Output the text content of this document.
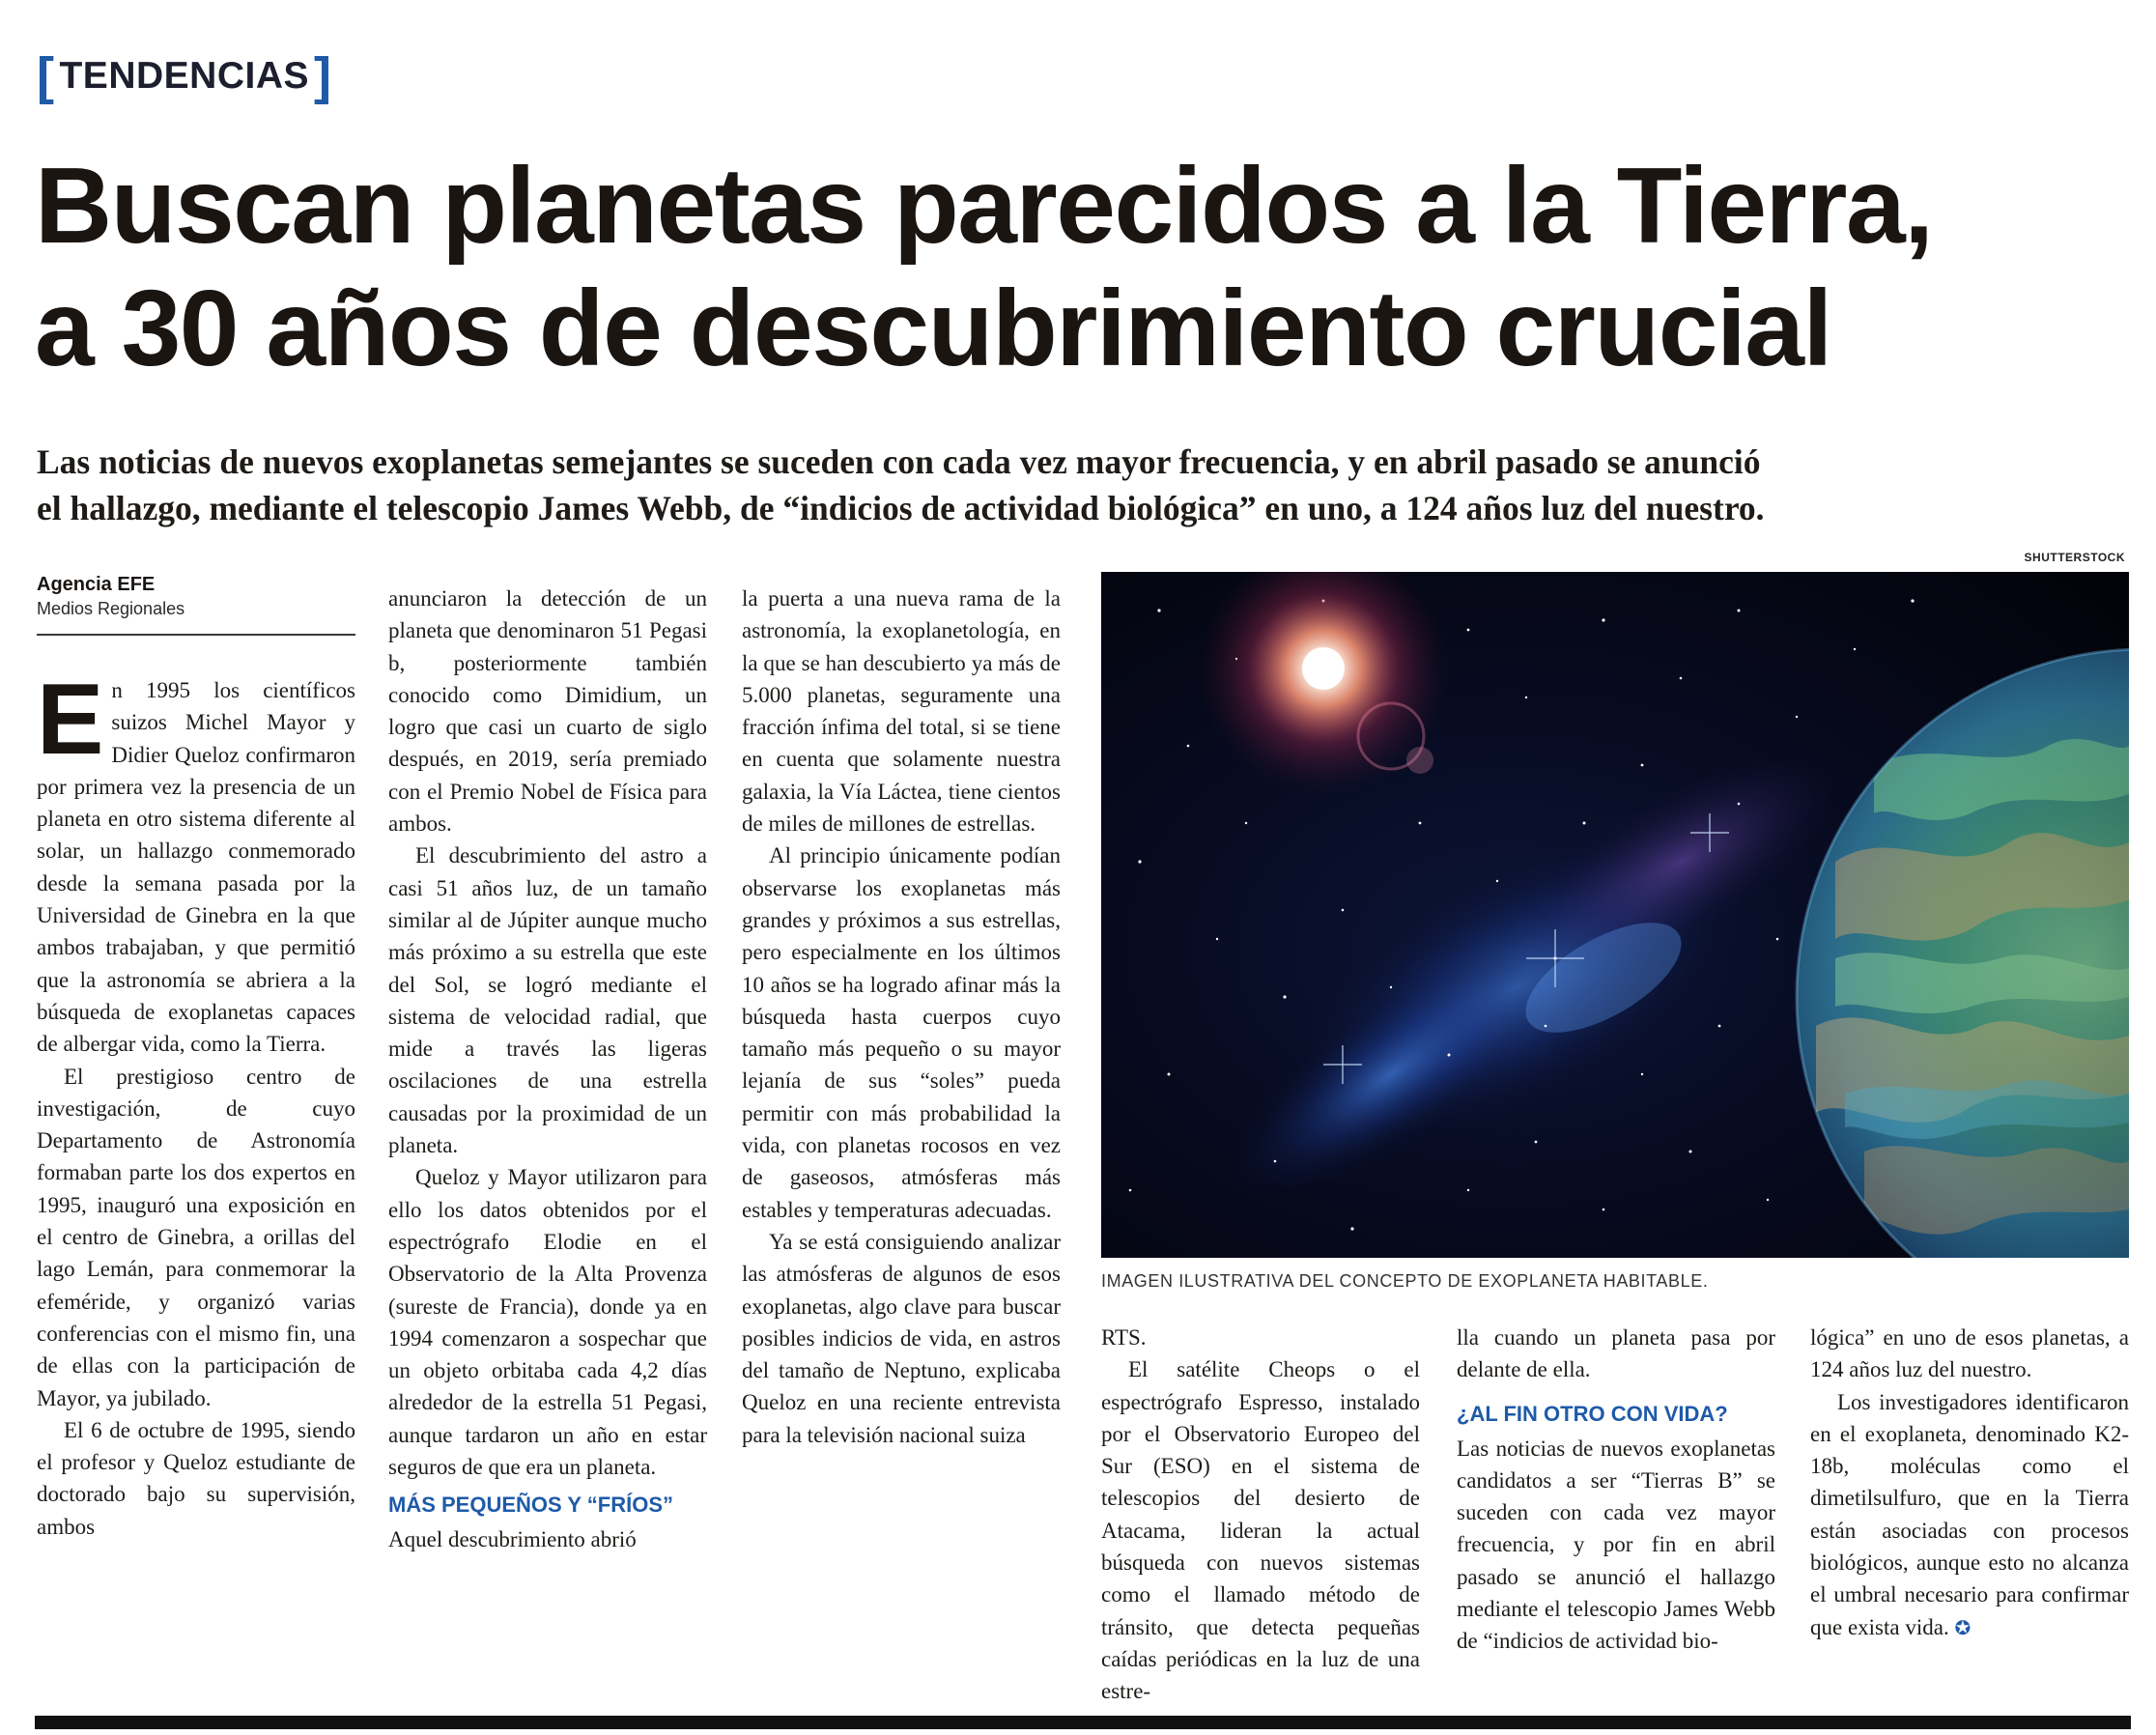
[ TENDENCIAS ]
Buscan planetas parecidos a la Tierra,
a 30 años de descubrimiento crucial
Las noticias de nuevos exoplanetas semejantes se suceden con cada vez mayor frecuencia, y en abril pasado se anunció
el hallazgo, mediante el telescopio James Webb, de “indicios de actividad biológica” en uno, a 124 años luz del nuestro.
Agencia EFE
Medios Regionales
SHUTTERSTOCK
IMAGEN ILUSTRATIVA DEL CONCEPTO DE EXOPLANETA HABITABLE.

En 1995 los científicos suizos Michel Mayor y Didier Queloz confirmaron por primera vez la presencia de un planeta en otro sistema diferente al solar, un hallazgo conmemorado desde la semana pasada por la Universidad de Ginebra en la que ambos trabajaban, y que permitió que la astronomía se abriera a la búsqueda de exoplanetas capaces de albergar vida, como la Tierra.

El prestigioso centro de investigación, de cuyo Departamento de Astronomía formaban parte los dos expertos en 1995, inauguró una exposición en el centro de Ginebra, a orillas del lago Lemán, para conmemorar la efeméride, y organizó varias conferencias con el mismo fin, una de ellas con la participación de Mayor, ya jubilado.

El 6 de octubre de 1995, siendo el profesor y Queloz estudiante de doctorado bajo su supervisión, ambos

anunciaron la detección de un planeta que denominaron 51 Pegasi b, posteriormente también conocido como Dimidium, un logro que casi un cuarto de siglo después, en 2019, sería premiado con el Premio Nobel de Física para ambos.

El descubrimiento del astro a casi 51 años luz, de un tamaño similar al de Júpiter aunque mucho más próximo a su estrella que este del Sol, se logró mediante el sistema de velocidad radial, que mide a través las ligeras oscilaciones de una estrella causadas por la proximidad de un planeta.

Queloz y Mayor utilizaron para ello los datos obtenidos por el espectrógrafo Elodie en el Observatorio de la Alta Provenza (sureste de Francia), donde ya en 1994 comenzaron a sospechar que un objeto orbitaba cada 4,2 días alrededor de la estrella 51 Pegasi, aunque tardaron un año en estar seguros de que era un planeta.

MÁS PEQUEÑOS Y “FRÍOS”

Aquel descubrimiento abrió

la puerta a una nueva rama de la astronomía, la exoplanetología, en la que se han descubierto ya más de 5.000 planetas, seguramente una fracción ínfima del total, si se tiene en cuenta que solamente nuestra galaxia, la Vía Láctea, tiene cientos de miles de millones de estrellas.

Al principio únicamente podían observarse los exoplanetas más grandes y próximos a sus estrellas, pero especialmente en los últimos 10 años se ha logrado afinar más la búsqueda hasta cuerpos cuyo tamaño más pequeño o su mayor lejanía de sus “soles” pueda permitir con más probabilidad la vida, con planetas rocosos en vez de gaseosos, atmósferas más estables y temperaturas adecuadas.

Ya se está consiguiendo analizar las atmósferas de algunos de esos exoplanetas, algo clave para buscar posibles indicios de vida, en astros del tamaño de Neptuno, explicaba Queloz en una reciente entrevista para la televisión nacional suiza

RTS.

El satélite Cheops o el espectrógrafo Espresso, instalado por el Observatorio Europeo del Sur (ESO) en el sistema de telescopios del desierto de Atacama, lideran la actual búsqueda con nuevos sistemas como el llamado método de tránsito, que detecta pequeñas caídas periódicas en la luz de una estre-

lla cuando un planeta pasa por delante de ella.

¿AL FIN OTRO CON VIDA?

Las noticias de nuevos exoplanetas candidatos a ser “Tierras B” se suceden con cada vez mayor frecuencia, y por fin en abril pasado se anunció el hallazgo mediante el telescopio James Webb de “indicios de actividad bio-

lógica” en uno de esos planetas, a 124 años luz del nuestro.

Los investigadores identificaron en el exoplaneta, denominado K2-18b, moléculas como el dimetilsulfuro, que en la Tierra están asociadas con procesos biológicos, aunque esto no alcanza el umbral necesario para confirmar que exista vida. ✪
